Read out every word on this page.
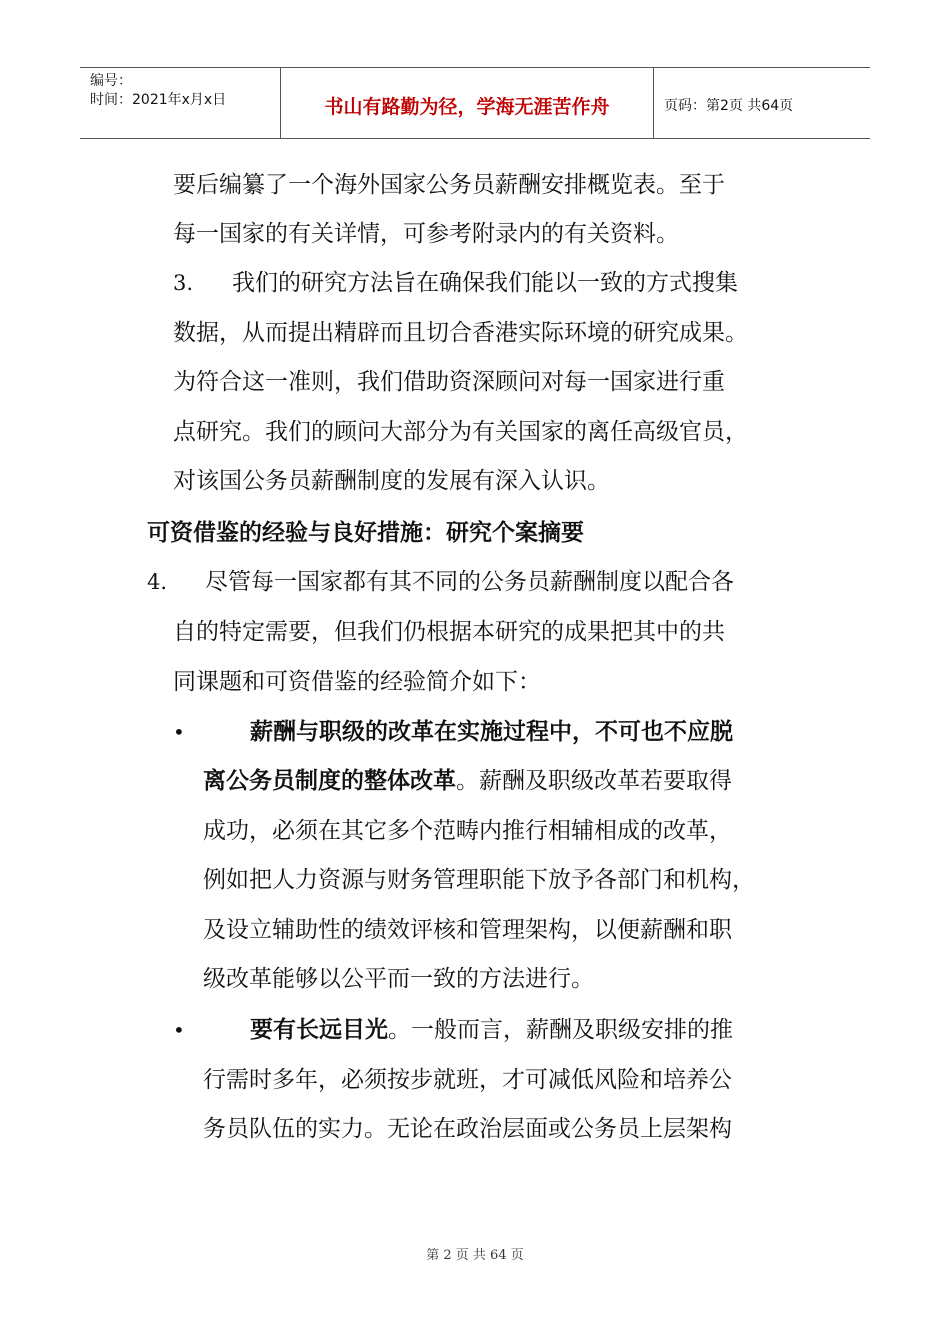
编号：
时间：2021年x月x日	书山有路勤为径，学海无涯苦作舟	页码：第2页 共64页
要后编纂了一个海外国家公务员薪酬安排概览表。至于
每一国家的有关详情，可参考附录内的有关资料。
3. 我们的研究方法旨在确保我们能以一致的方式搜集
数据，从而提出精辟而且切合香港实际环境的研究成果。
为符合这一准则，我们借助资深顾问对每一国家进行重
点研究。我们的顾问大部分为有关国家的离任高级官员，
对该国公务员薪酬制度的发展有深入认识。
可资借鉴的经验与良好措施：研究个案摘要
4. 尽管每一国家都有其不同的公务员薪酬制度以配合各
自的特定需要，但我们仍根据本研究的成果把其中的共
同课题和可资借鉴的经验简介如下：
•	薪酬与职级的改革在实施过程中，不可也不应脱
离公务员制度的整体改革。薪酬及职级改革若要取得
成功，必须在其它多个范畴内推行相辅相成的改革，
例如把人力资源与财务管理职能下放予各部门和机构，
及设立辅助性的绩效评核和管理架构，以便薪酬和职
级改革能够以公平而一致的方法进行。
•	要有长远目光。一般而言，薪酬及职级安排的推
行需时多年，必须按步就班，才可减低风险和培养公
务员队伍的实力。无论在政治层面或公务员上层架构
第 2 页 共 64 页
